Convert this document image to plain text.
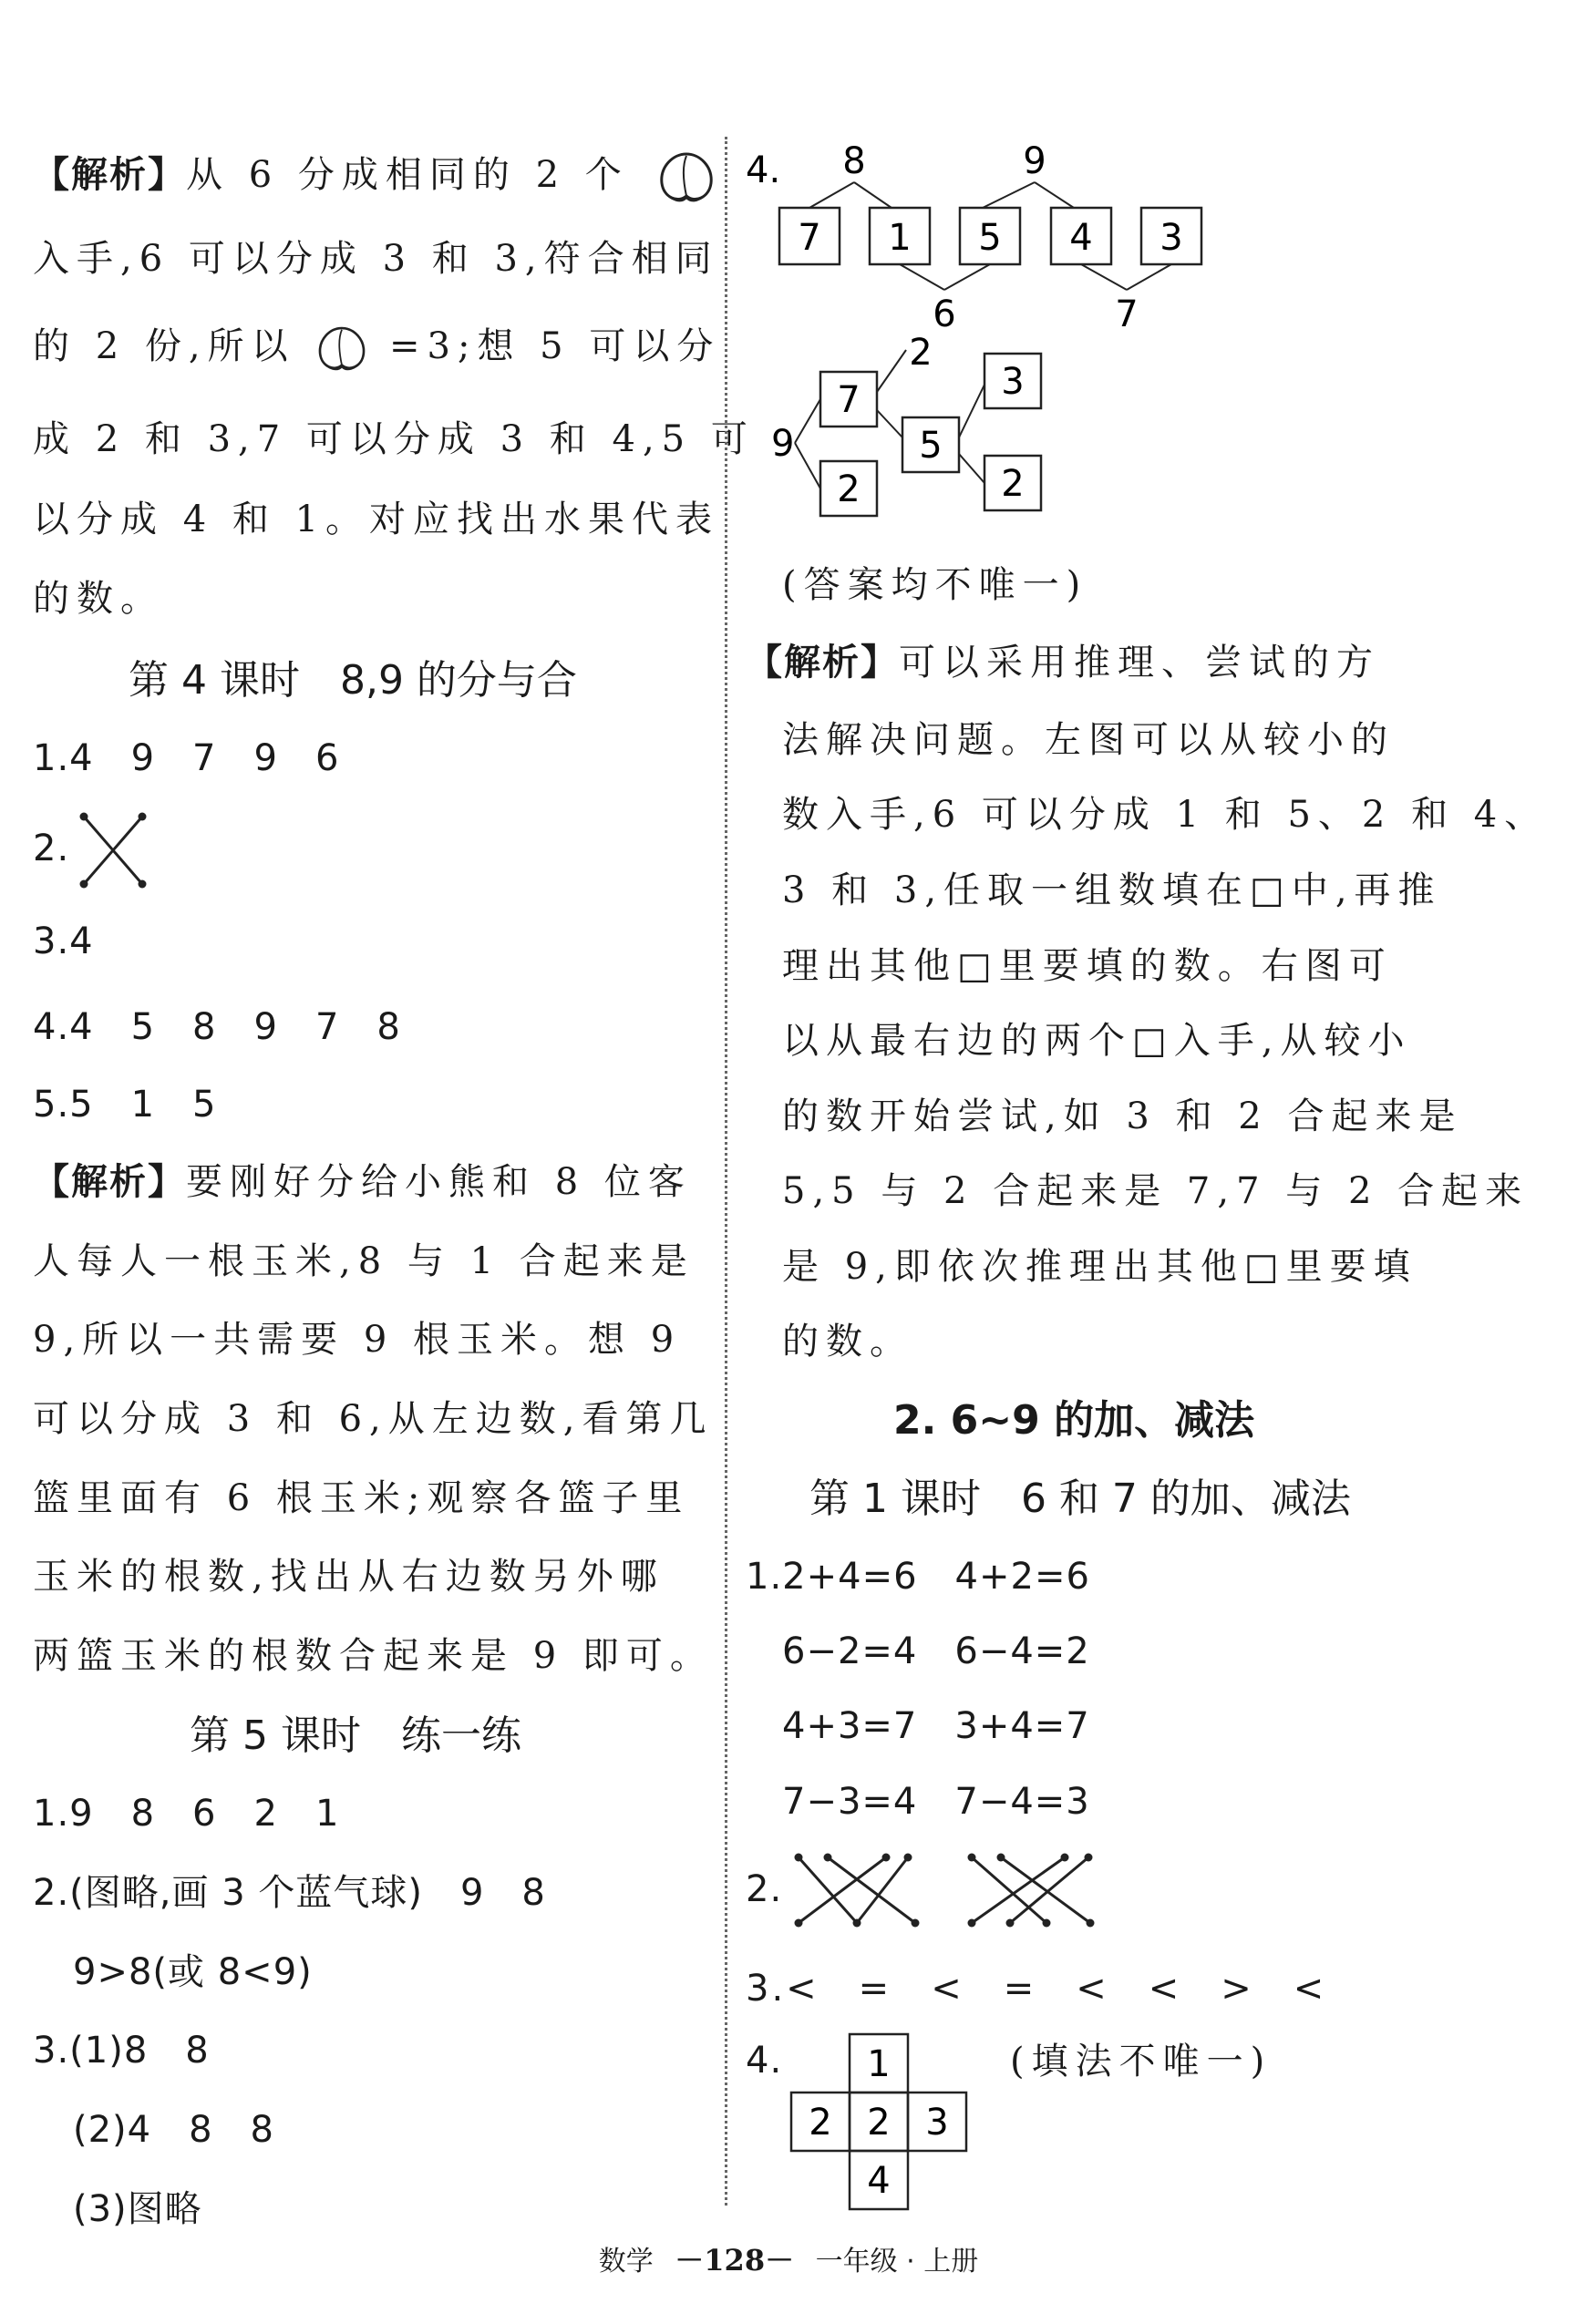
【解析】从 6 分成相同的 2 个
入手,6 可以分成 3 和 3,符合相同
的 2 份,所以	=3;想 5 可以分
成 2 和 3,7 可以分成 3 和 4,5 可
以分成 4 和 1。对应找出水果代表
的数。
第 4 课时　8,9 的分与合
1.4　9　7　9　6
2.
3.4
4.4　5　8　9　7　8
5.5　1　5
【解析】要刚好分给小熊和 8 位客
人每人一根玉米,8 与 1 合起来是
9,所以一共需要 9 根玉米。想 9
可以分成 3 和 6,从左边数,看第几
篮里面有 6 根玉米;观察各篮子里
玉米的根数,找出从右边数另外哪
两篮玉米的根数合起来是 9 即可。
第 5 课时　练一练
1.9　8　6　2　1
2.(图略,画 3 个蓝气球)　9　8
9>8(或 8<9)
3.(1)8　8
(2)4　8　8
(3)图略
4. 8	9
7 1 5 4 3
6	7
9
7
2
2
5
3
2
(答案均不唯一)
【解析】可以采用推理、尝试的方
法解决问题。左图可以从较小的
数入手,6 可以分成 1 和 5、2 和 4、
3 和 3,任取一组数填在□中,再推
理出其他□里要填的数。右图可
以从最右边的两个□入手,从较小
的数开始尝试,如 3 和 2 合起来是
5,5 与 2 合起来是 7,7 与 2 合起来
是 9,即依次推理出其他□里要填
的数。
2. 6~9 的加、减法
第 1 课时　6 和 7 的加、减法
1.2+4=6　4+2=6
6−2=4　6−4=2
4+3=7　3+4=7
7−3=4　7−4=3
2.
3.<　=　<　=　<　<　>　<
4. 1
2 2 3
4
(填法不唯一)
数学 －128－ 一年级 · 上册
